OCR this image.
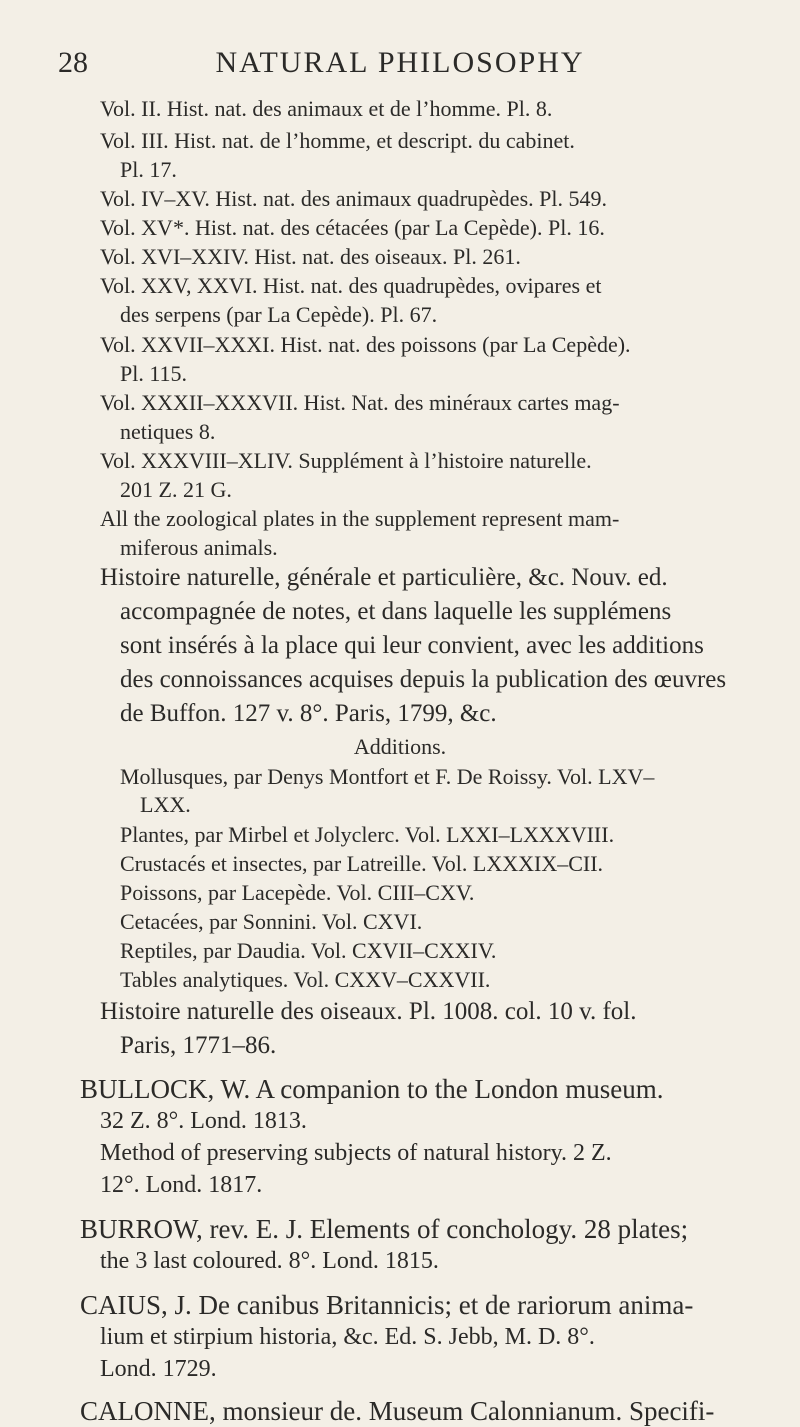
28	NATURAL PHILOSOPHY
Vol. II. Hist. nat. des animaux et de l’homme. Pl. 8.
Vol. III. Hist. nat. de l’homme, et descript. du cabinet.
Pl. 17.
Vol. IV–XV. Hist. nat. des animaux quadrupèdes. Pl. 549.
Vol. XV*. Hist. nat. des cétacées (par La Cepède). Pl. 16.
Vol. XVI–XXIV. Hist. nat. des oiseaux. Pl. 261.
Vol. XXV, XXVI. Hist. nat. des quadrupèdes, ovipares et
des serpens (par La Cepède). Pl. 67.
Vol. XXVII–XXXI. Hist. nat. des poissons (par La Cepède).
Pl. 115.
Vol. XXXII–XXXVII. Hist. Nat. des minéraux cartes mag-
netiques 8.
Vol. XXXVIII–XLIV. Supplément à l’histoire naturelle.
201 Z. 21 G.
All the zoological plates in the supplement represent mam-
miferous animals.
Histoire naturelle, générale et particulière, &c. Nouv. ed.
accompagnée de notes, et dans laquelle les supplémens
sont insérés à la place qui leur convient, avec les additions
des connoissances acquises depuis la publication des œuvres
de Buffon. 127 v. 8°. Paris, 1799, &c.
Additions.
Mollusques, par Denys Montfort et F. De Roissy. Vol. LXV–
LXX.
Plantes, par Mirbel et Jolyclerc. Vol. LXXI–LXXXVIII.
Crustacés et insectes, par Latreille. Vol. LXXXIX–CII.
Poissons, par Lacepède. Vol. CIII–CXV.
Cetacées, par Sonnini. Vol. CXVI.
Reptiles, par Daudia. Vol. CXVII–CXXIV.
Tables analytiques. Vol. CXXV–CXXVII.
Histoire naturelle des oiseaux. Pl. 1008. col. 10 v. fol.
Paris, 1771–86.
BULLOCK, W. A companion to the London museum.
32 Z. 8°. Lond. 1813.
Method of preserving subjects of natural history. 2 Z.
12°. Lond. 1817.
BURROW, rev. E. J. Elements of conchology. 28 plates;
the 3 last coloured. 8°. Lond. 1815.
CAIUS, J. De canibus Britannicis; et de rariorum anima-
lium et stirpium historia, &c. Ed. S. Jebb, M. D. 8°.
Lond. 1729.
CALONNE, monsieur de. Museum Calonnianum. Specifi-
